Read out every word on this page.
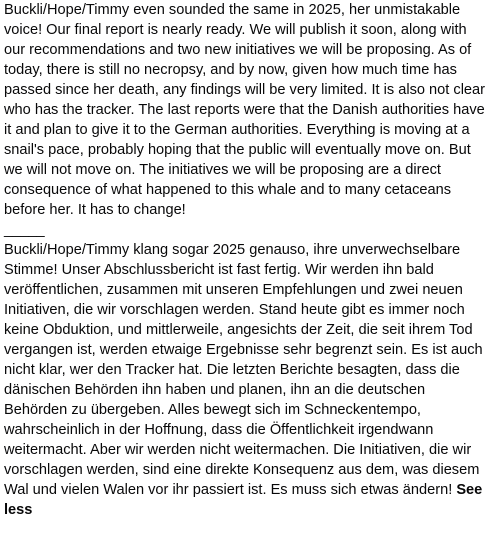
Buckli/Hope/Timmy even sounded the same in 2025, her unmistakable voice! Our final report is nearly ready. We will publish it soon, along with our recommendations and two new initiatives we will be proposing. As of today, there is still no necropsy, and by now, given how much time has passed since her death, any findings will be very limited. It is also not clear who has the tracker. The last reports were that the Danish authorities have it and plan to give it to the German authorities. Everything is moving at a snail's pace, probably hoping that the public will eventually move on. But we will not move on. The initiatives we will be proposing are a direct consequence of what happened to this whale and to many cetaceans before her. It has to change!

_____

Buckli/Hope/Timmy klang sogar 2025 genauso, ihre unverwechselbare Stimme! Unser Abschlussbericht ist fast fertig. Wir werden ihn bald veröffentlichen, zusammen mit unseren Empfehlungen und zwei neuen Initiativen, die wir vorschlagen werden. Stand heute gibt es immer noch keine Obduktion, und mittlerweile, angesichts der Zeit, die seit ihrem Tod vergangen ist, werden etwaige Ergebnisse sehr begrenzt sein. Es ist auch nicht klar, wer den Tracker hat. Die letzten Berichte besagten, dass die dänischen Behörden ihn haben und planen, ihn an die deutschen Behörden zu übergeben. Alles bewegt sich im Schneckentempo, wahrscheinlich in der Hoffnung, dass die Öffentlichkeit irgendwann weitermacht. Aber wir werden nicht weitermachen. Die Initiativen, die wir vorschlagen werden, sind eine direkte Konsequenz aus dem, was diesem Wal und vielen Walen vor ihr passiert ist. Es muss sich etwas ändern! See less
